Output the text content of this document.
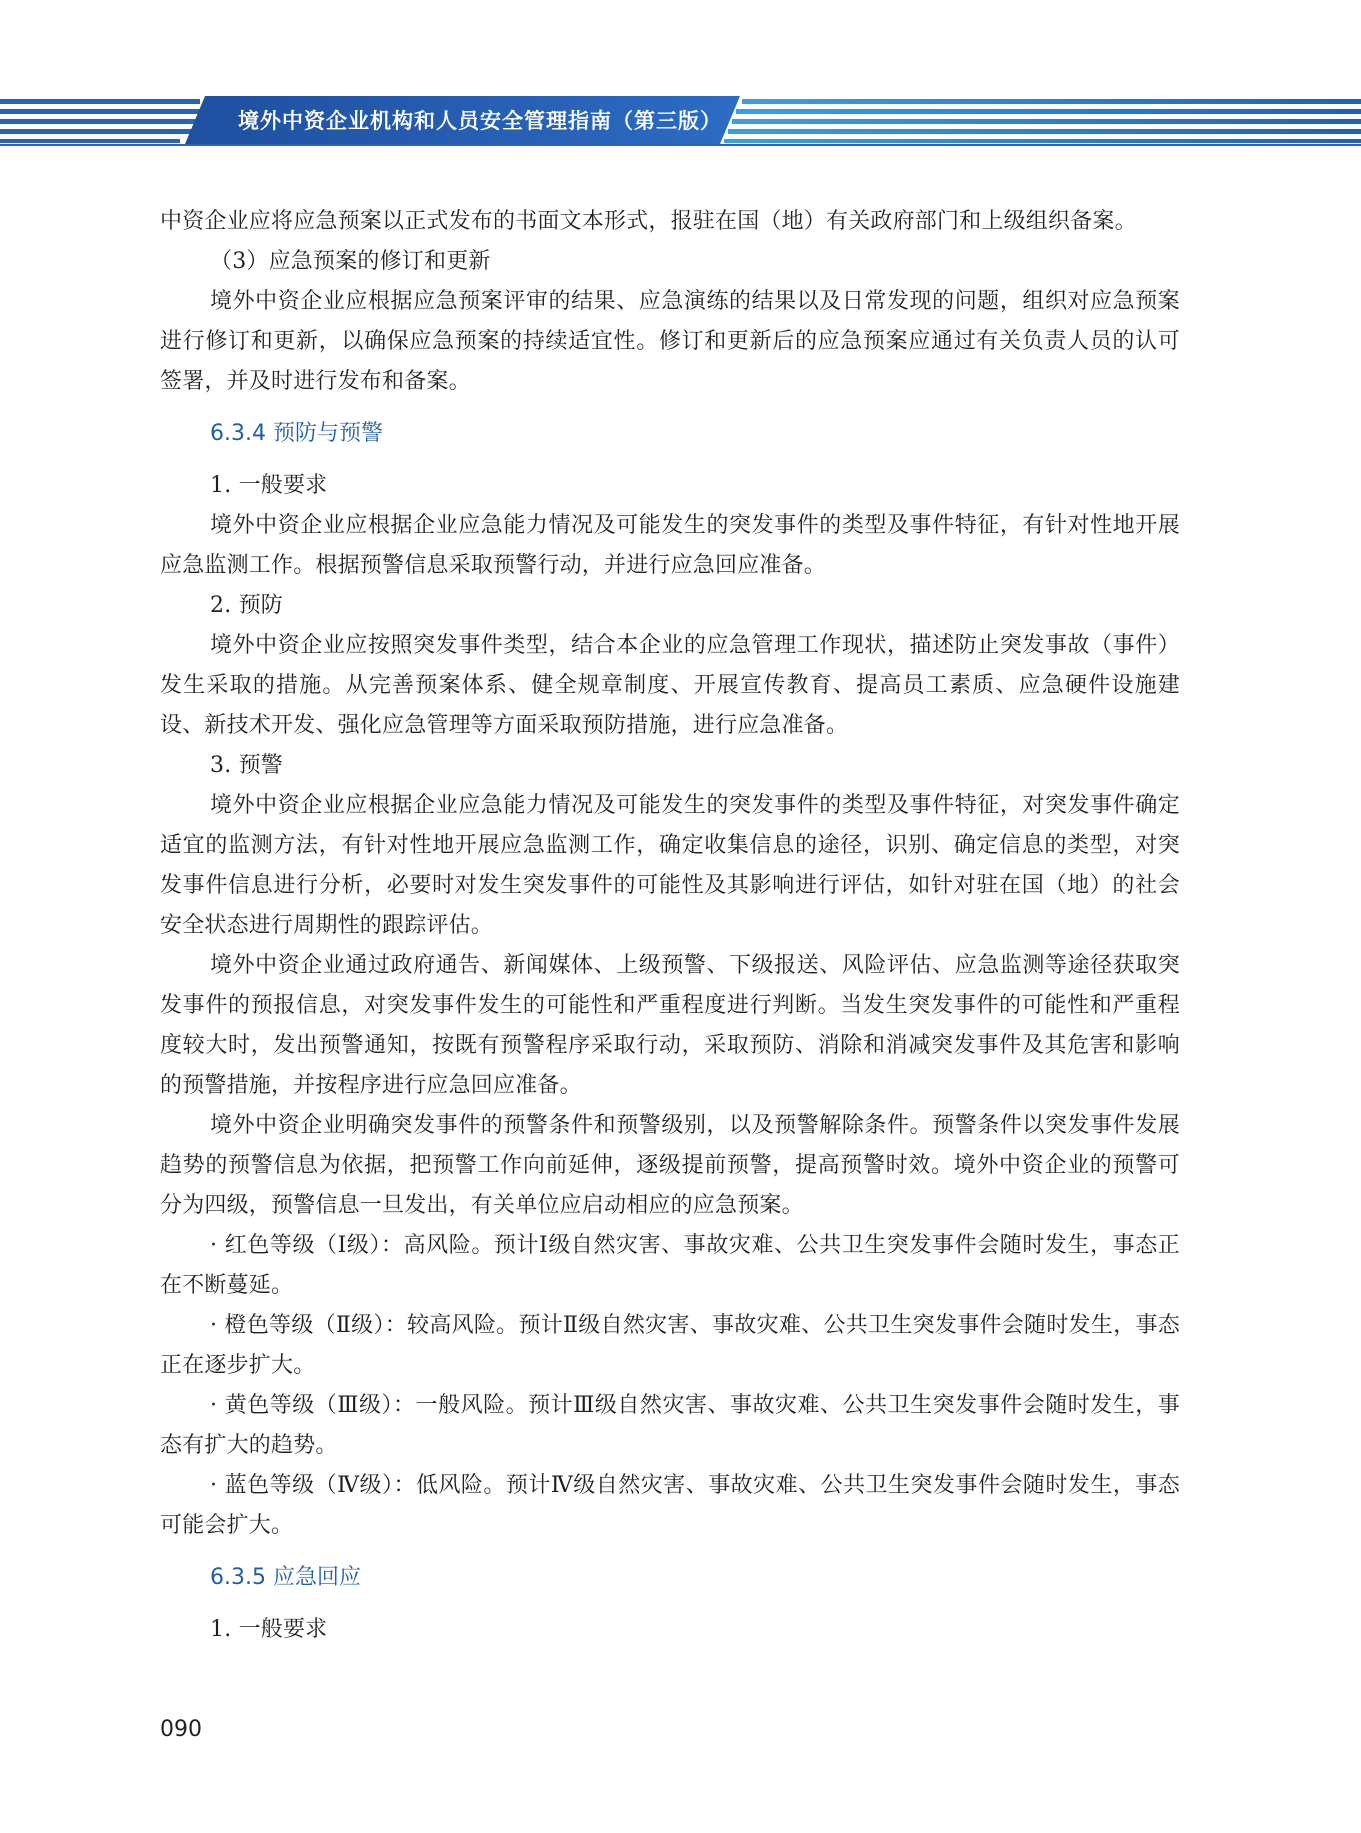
境外中资企业机构和人员安全管理指南（第三版）

中资企业应将应急预案以正式发布的书面文本形式，报驻在国（地）有关政府部门和上级组织备案。

（3）应急预案的修订和更新

境外中资企业应根据应急预案评审的结果、应急演练的结果以及日常发现的问题，组织对应急预案进行修订和更新，以确保应急预案的持续适宜性。修订和更新后的应急预案应通过有关负责人员的认可签署，并及时进行发布和备案。

6.3.4 预防与预警

1. 一般要求

境外中资企业应根据企业应急能力情况及可能发生的突发事件的类型及事件特征，有针对性地开展应急监测工作。根据预警信息采取预警行动，并进行应急回应准备。

2. 预防

境外中资企业应按照突发事件类型，结合本企业的应急管理工作现状，描述防止突发事故（事件）发生采取的措施。从完善预案体系、健全规章制度、开展宣传教育、提高员工素质、应急硬件设施建设、新技术开发、强化应急管理等方面采取预防措施，进行应急准备。

3. 预警

境外中资企业应根据企业应急能力情况及可能发生的突发事件的类型及事件特征，对突发事件确定适宜的监测方法，有针对性地开展应急监测工作，确定收集信息的途径，识别、确定信息的类型，对突发事件信息进行分析，必要时对发生突发事件的可能性及其影响进行评估，如针对驻在国（地）的社会安全状态进行周期性的跟踪评估。

境外中资企业通过政府通告、新闻媒体、上级预警、下级报送、风险评估、应急监测等途径获取突发事件的预报信息，对突发事件发生的可能性和严重程度进行判断。当发生突发事件的可能性和严重程度较大时，发出预警通知，按既有预警程序采取行动，采取预防、消除和消减突发事件及其危害和影响的预警措施，并按程序进行应急回应准备。

境外中资企业明确突发事件的预警条件和预警级别，以及预警解除条件。预警条件以突发事件发展趋势的预警信息为依据，把预警工作向前延伸，逐级提前预警，提高预警时效。境外中资企业的预警可分为四级，预警信息一旦发出，有关单位应启动相应的应急预案。

· 红色等级（Ⅰ级）：高风险。预计Ⅰ级自然灾害、事故灾难、公共卫生突发事件会随时发生，事态正在不断蔓延。

· 橙色等级（Ⅱ级）：较高风险。预计Ⅱ级自然灾害、事故灾难、公共卫生突发事件会随时发生，事态正在逐步扩大。

· 黄色等级（Ⅲ级）：一般风险。预计Ⅲ级自然灾害、事故灾难、公共卫生突发事件会随时发生，事态有扩大的趋势。

· 蓝色等级（Ⅳ级）：低风险。预计Ⅳ级自然灾害、事故灾难、公共卫生突发事件会随时发生，事态可能会扩大。

6.3.5 应急回应

1. 一般要求

090
